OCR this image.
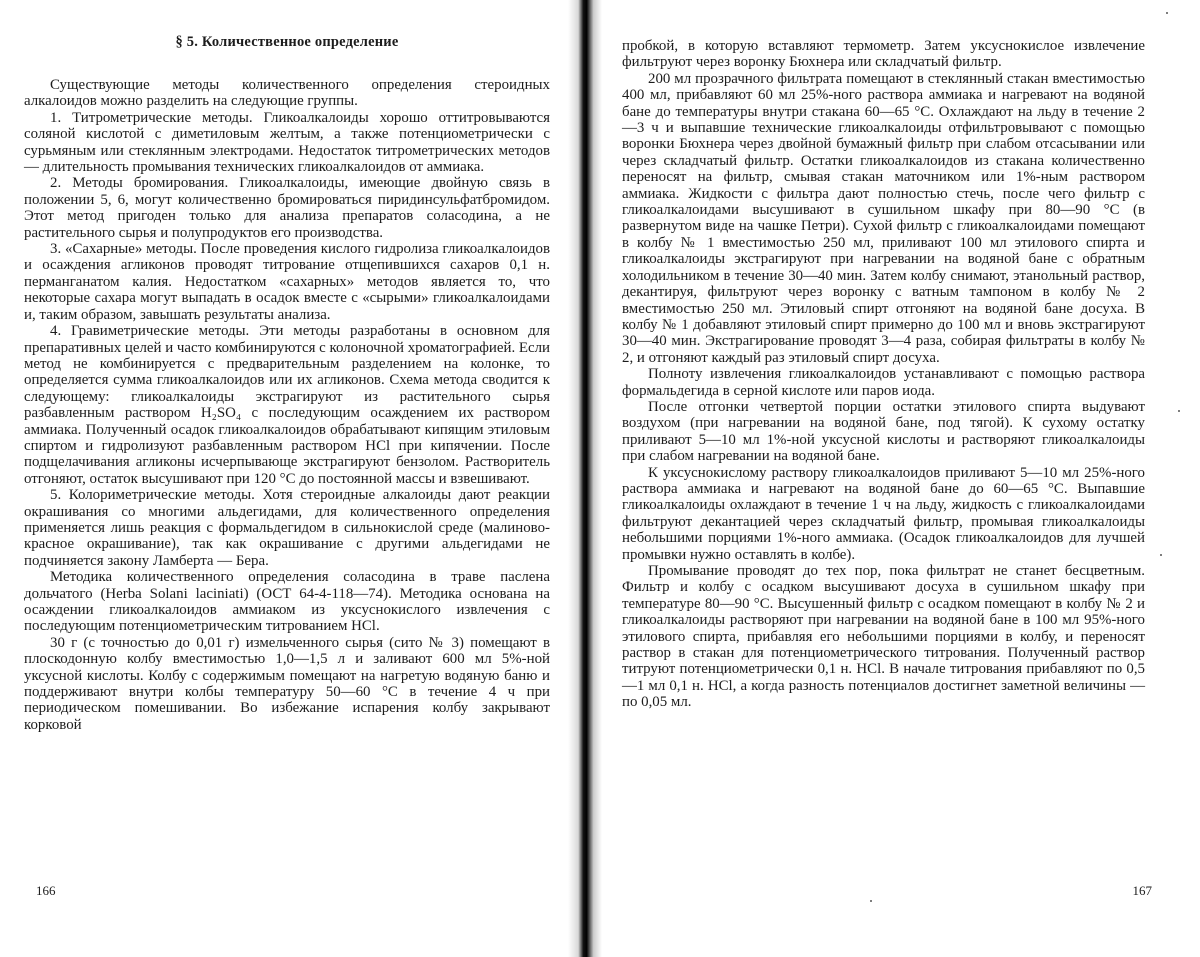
§ 5. Количественное определение

Существующие методы количественного определения стероидных алкалоидов можно разделить на следующие группы.

1. Титрометрические методы. Гликоалкалоиды хорошо оттитровываются соляной кислотой с диметиловым желтым, а также потенциометрически с сурьмяным или стеклянным электродами. Недостаток титрометрических методов — длительность промывания технических гликоалкалоидов от аммиака.

2. Методы бромирования. Гликоалкалоиды, имеющие двойную связь в положении 5, 6, могут количественно бромироваться пиридинсульфатбромидом. Этот метод пригоден только для анализа препаратов соласодина, а не растительного сырья и полупродуктов его производства.

3. «Сахарные» методы. После проведения кислого гидролиза гликоалкалоидов и осаждения агликонов проводят титрование отщепившихся сахаров 0,1 н. перманганатом калия. Недостатком «сахарных» методов является то, что некоторые сахара могут выпадать в осадок вместе с «сырыми» гликоалкалоидами и, таким образом, завышать результаты анализа.

4. Гравиметрические методы. Эти методы разработаны в основном для препаративных целей и часто комбинируются с колоночной хроматографией. Если метод не комбинируется с предварительным разделением на колонке, то определяется сумма гликоалкалоидов или их агликонов. Схема метода сводится к следующему: гликоалкалоиды экстрагируют из растительного сырья разбавленным раствором H₂SO₄ с последующим осаждением их раствором аммиака. Полученный осадок гликоалкалоидов обрабатывают кипящим этиловым спиртом и гидролизуют разбавленным раствором HCl при кипячении. После подщелачивания агликоны исчерпывающе экстрагируют бензолом. Растворитель отгоняют, остаток высушивают при 120 °C до постоянной массы и взвешивают.

5. Колориметрические методы. Хотя стероидные алкалоиды дают реакции окрашивания со многими альдегидами, для количественного определения применяется лишь реакция с формальдегидом в сильнокислой среде (малиново-красное окрашивание), так как окрашивание с другими альдегидами не подчиняется закону Ламберта — Бера.

Методика количественного определения соласодина в траве паслена дольчатого (Herba Solani laciniati) (ОСТ 64-4-118—74). Методика основана на осаждении гликоалкалоидов аммиаком из уксуснокислого извлечения с последующим потенциометрическим титрованием HCl.

30 г (с точностью до 0,01 г) измельченного сырья (сито № 3) помещают в плоскодонную колбу вместимостью 1,0—1,5 л и заливают 600 мл 5%-ной уксусной кислоты. Колбу с содержимым помещают на нагретую водяную баню и поддерживают внутри колбы температуру 50—60 °C в течение 4 ч при периодическом помешивании. Во избежание испарения колбу закрывают корковой

166

пробкой, в которую вставляют термометр. Затем уксуснокислое извлечение фильтруют через воронку Бюхнера или складчатый фильтр.

200 мл прозрачного фильтрата помещают в стеклянный стакан вместимостью 400 мл, прибавляют 60 мл 25%-ного раствора аммиака и нагревают на водяной бане до температуры внутри стакана 60—65 °C. Охлаждают на льду в течение 2—3 ч и выпавшие технические гликоалкалоиды отфильтровывают с помощью воронки Бюхнера через двойной бумажный фильтр при слабом отсасывании или через складчатый фильтр. Остатки гликоалкалоидов из стакана количественно переносят на фильтр, смывая стакан маточником или 1%-ным раствором аммиака. Жидкости с фильтра дают полностью стечь, после чего фильтр с гликоалкалоидами высушивают в сушильном шкафу при 80—90 °C (в развернутом виде на чашке Петри). Сухой фильтр с гликоалкалоидами помещают в колбу № 1 вместимостью 250 мл, приливают 100 мл этилового спирта и гликоалкалоиды экстрагируют при нагревании на водяной бане с обратным холодильником в течение 30—40 мин. Затем колбу снимают, этанольный раствор, декантируя, фильтруют через воронку с ватным тампоном в колбу № 2 вместимостью 250 мл. Этиловый спирт отгоняют на водяной бане досуха. В колбу № 1 добавляют этиловый спирт примерно до 100 мл и вновь экстрагируют 30—40 мин. Экстрагирование проводят 3—4 раза, собирая фильтраты в колбу № 2, и отгоняют каждый раз этиловый спирт досуха.

Полноту извлечения гликоалкалоидов устанавливают с помощью раствора формальдегида в серной кислоте или паров иода.

После отгонки четвертой порции остатки этилового спирта выдувают воздухом (при нагревании на водяной бане, под тягой). К сухому остатку приливают 5—10 мл 1%-ной уксусной кислоты и растворяют гликоалкалоиды при слабом нагревании на водяной бане.

К уксуснокислому раствору гликоалкалоидов приливают 5—10 мл 25%-ного раствора аммиака и нагревают на водяной бане до 60—65 °C. Выпавшие гликоалкалоиды охлаждают в течение 1 ч на льду, жидкость с гликоалкалоидами фильтруют декантацией через складчатый фильтр, промывая гликоалкалоиды небольшими порциями 1%-ного аммиака. (Осадок гликоалкалоидов для лучшей промывки нужно оставлять в колбе).

Промывание проводят до тех пор, пока фильтрат не станет бесцветным. Фильтр и колбу с осадком высушивают досуха в сушильном шкафу при температуре 80—90 °C. Высушенный фильтр с осадком помещают в колбу № 2 и гликоалкалоиды растворяют при нагревании на водяной бане в 100 мл 95%-ного этилового спирта, прибавляя его небольшими порциями в колбу, и переносят раствор в стакан для потенциометрического титрования. Полученный раствор титруют потенциометрически 0,1 н. HCl. В начале титрования прибавляют по 0,5—1 мл 0,1 н. HCl, а когда разность потенциалов достигнет заметной величины — по 0,05 мл.

167
